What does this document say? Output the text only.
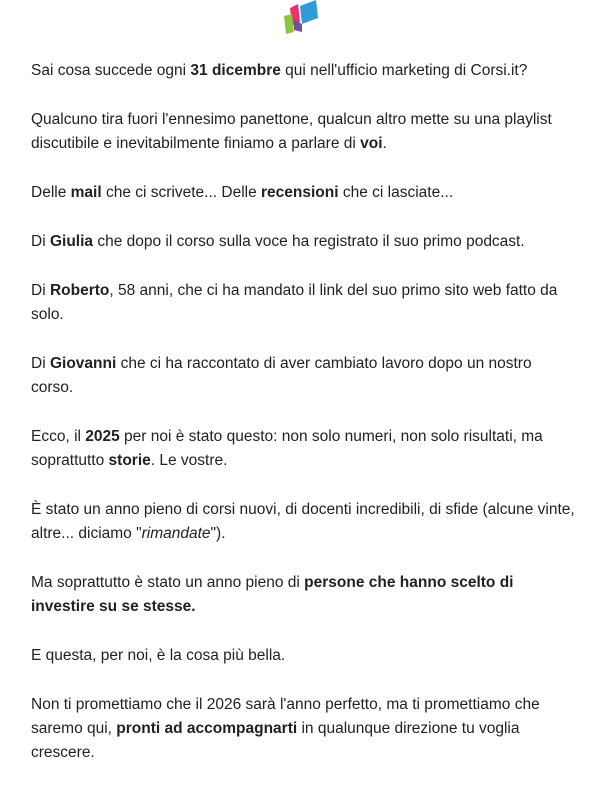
Sai cosa succede ogni 31 dicembre qui nell'ufficio marketing di Corsi.it?

Qualcuno tira fuori l'ennesimo panettone, qualcun altro mette su una playlist discutibile e inevitabilmente finiamo a parlare di voi.

Delle mail che ci scrivete... Delle recensioni che ci lasciate...

Di Giulia che dopo il corso sulla voce ha registrato il suo primo podcast.

Di Roberto, 58 anni, che ci ha mandato il link del suo primo sito web fatto da solo.

Di Giovanni che ci ha raccontato di aver cambiato lavoro dopo un nostro corso.

Ecco, il 2025 per noi è stato questo: non solo numeri, non solo risultati, ma soprattutto storie. Le vostre.

È stato un anno pieno di corsi nuovi, di docenti incredibili, di sfide (alcune vinte, altre... diciamo "rimandate").

Ma soprattutto è stato un anno pieno di persone che hanno scelto di investire su se stesse.

E questa, per noi, è la cosa più bella.

Non ti promettiamo che il 2026 sarà l'anno perfetto, ma ti promettiamo che saremo qui, pronti ad accompagnarti in qualunque direzione tu voglia crescere.
